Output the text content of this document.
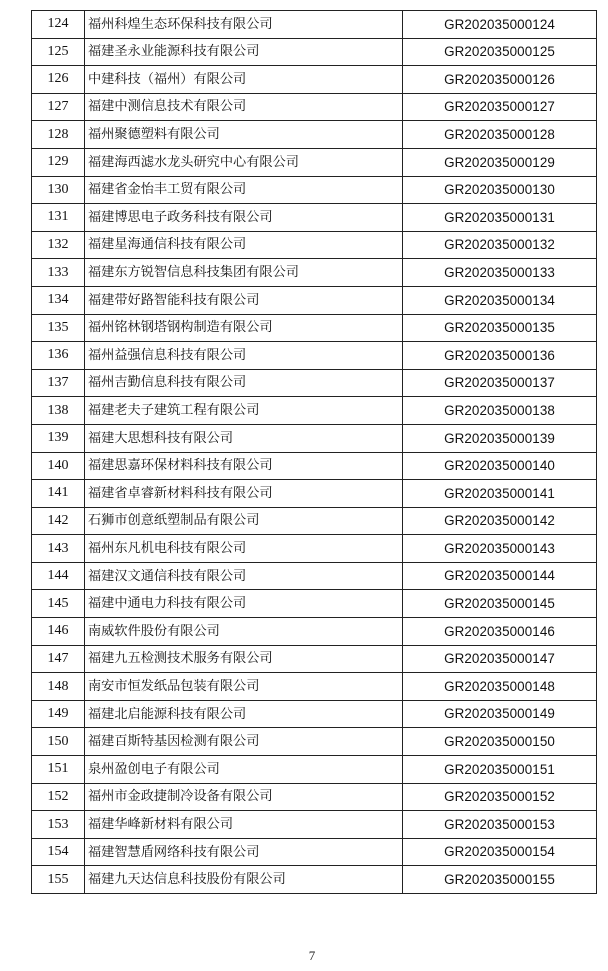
124	福州科煌生态环保科技有限公司	GR202035000124
125	福建圣永业能源科技有限公司	GR202035000125
126	中建科技（福州）有限公司	GR202035000126
127	福建中测信息技术有限公司	GR202035000127
128	福州聚德塑料有限公司	GR202035000128
129	福建海西滤水龙头研究中心有限公司	GR202035000129
130	福建省金怡丰工贸有限公司	GR202035000130
131	福建博思电子政务科技有限公司	GR202035000131
132	福建星海通信科技有限公司	GR202035000132
133	福建东方锐智信息科技集团有限公司	GR202035000133
134	福建带好路智能科技有限公司	GR202035000134
135	福州铭林钢塔钢构制造有限公司	GR202035000135
136	福州益强信息科技有限公司	GR202035000136
137	福州吉勤信息科技有限公司	GR202035000137
138	福建老夫子建筑工程有限公司	GR202035000138
139	福建大思想科技有限公司	GR202035000139
140	福建思嘉环保材料科技有限公司	GR202035000140
141	福建省卓睿新材料科技有限公司	GR202035000141
142	石狮市创意纸塑制品有限公司	GR202035000142
143	福州东凡机电科技有限公司	GR202035000143
144	福建汉文通信科技有限公司	GR202035000144
145	福建中通电力科技有限公司	GR202035000145
146	南威软件股份有限公司	GR202035000146
147	福建九五检测技术服务有限公司	GR202035000147
148	南安市恒发纸品包装有限公司	GR202035000148
149	福建北启能源科技有限公司	GR202035000149
150	福建百斯特基因检测有限公司	GR202035000150
151	泉州盈创电子有限公司	GR202035000151
152	福州市金政捷制冷设备有限公司	GR202035000152
153	福建华峰新材料有限公司	GR202035000153
154	福建智慧盾网络科技有限公司	GR202035000154
155	福建九天达信息科技股份有限公司	GR202035000155
7
